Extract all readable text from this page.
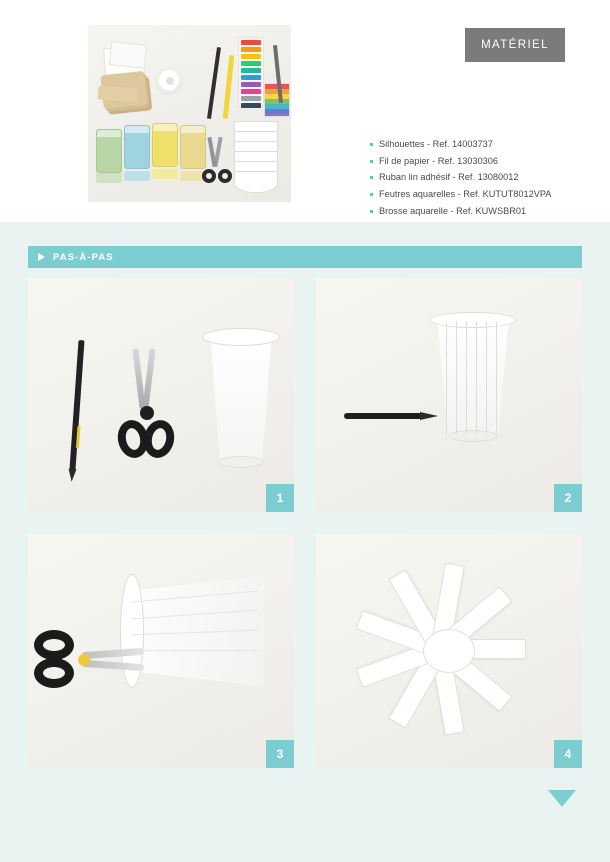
MATÉRIEL
Silhouettes - Ref. 14003737
Fil de papier - Ref. 13030306
Ruban lin adhésif - Ref. 13080012
Feutres aquarelles - Ref. KUTUT8012VPA
Brosse aquarelle - Ref. KUWSBR01
PAS-À-PAS
1	2
3	4
